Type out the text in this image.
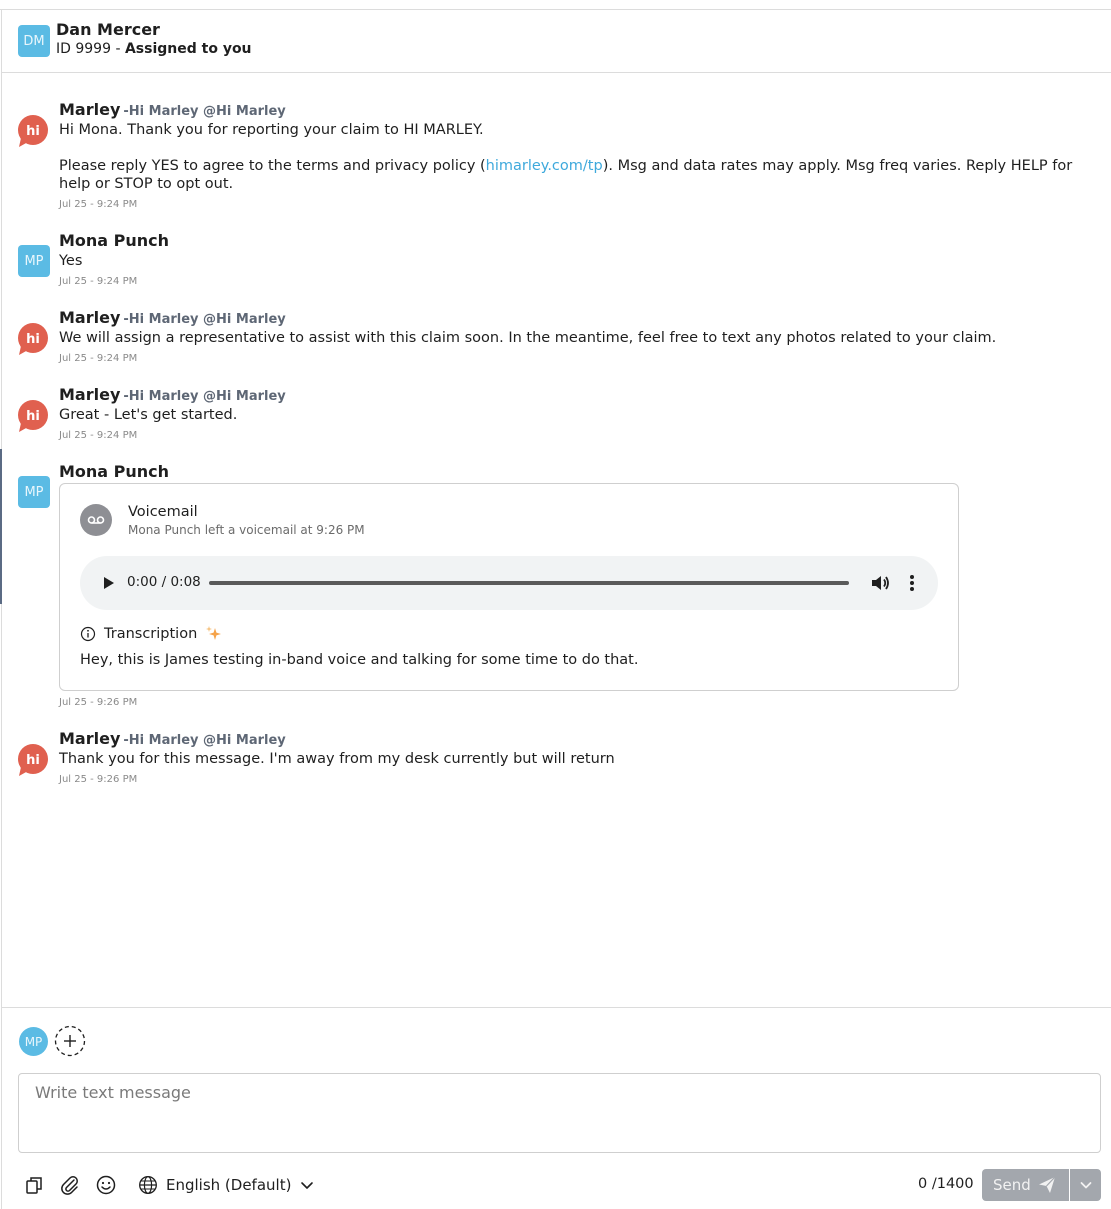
DM
Dan Mercer
ID 9999 - Assigned to you
hi
Marley -Hi Marley @Hi Marley
Hi Mona. Thank you for reporting your claim to HI MARLEY.
Please reply YES to agree to the terms and privacy policy (himarley.com/tp). Msg and data rates may apply. Msg freq varies. Reply HELP for help or STOP to opt out.
Jul 25 - 9:24 PM
MP
Mona Punch
Yes
Jul 25 - 9:24 PM
hi
Marley -Hi Marley @Hi Marley
We will assign a representative to assist with this claim soon. In the meantime, feel free to text any photos related to your claim.
Jul 25 - 9:24 PM
hi
Marley -Hi Marley @Hi Marley
Great - Let's get started.
Jul 25 - 9:24 PM
MP
Mona Punch
Jul 25 - 9:26 PM
Voicemail
Mona Punch left a voicemail at 9:26 PM
0:00 / 0:08
Transcription
Hey, this is James testing in-band voice and talking for some time to do that.
hi
Marley -Hi Marley @Hi Marley
Thank you for this message. I'm away from my desk currently but will return
Jul 25 - 9:26 PM
MP
Write text message
English (Default)	0 /1400 Send
